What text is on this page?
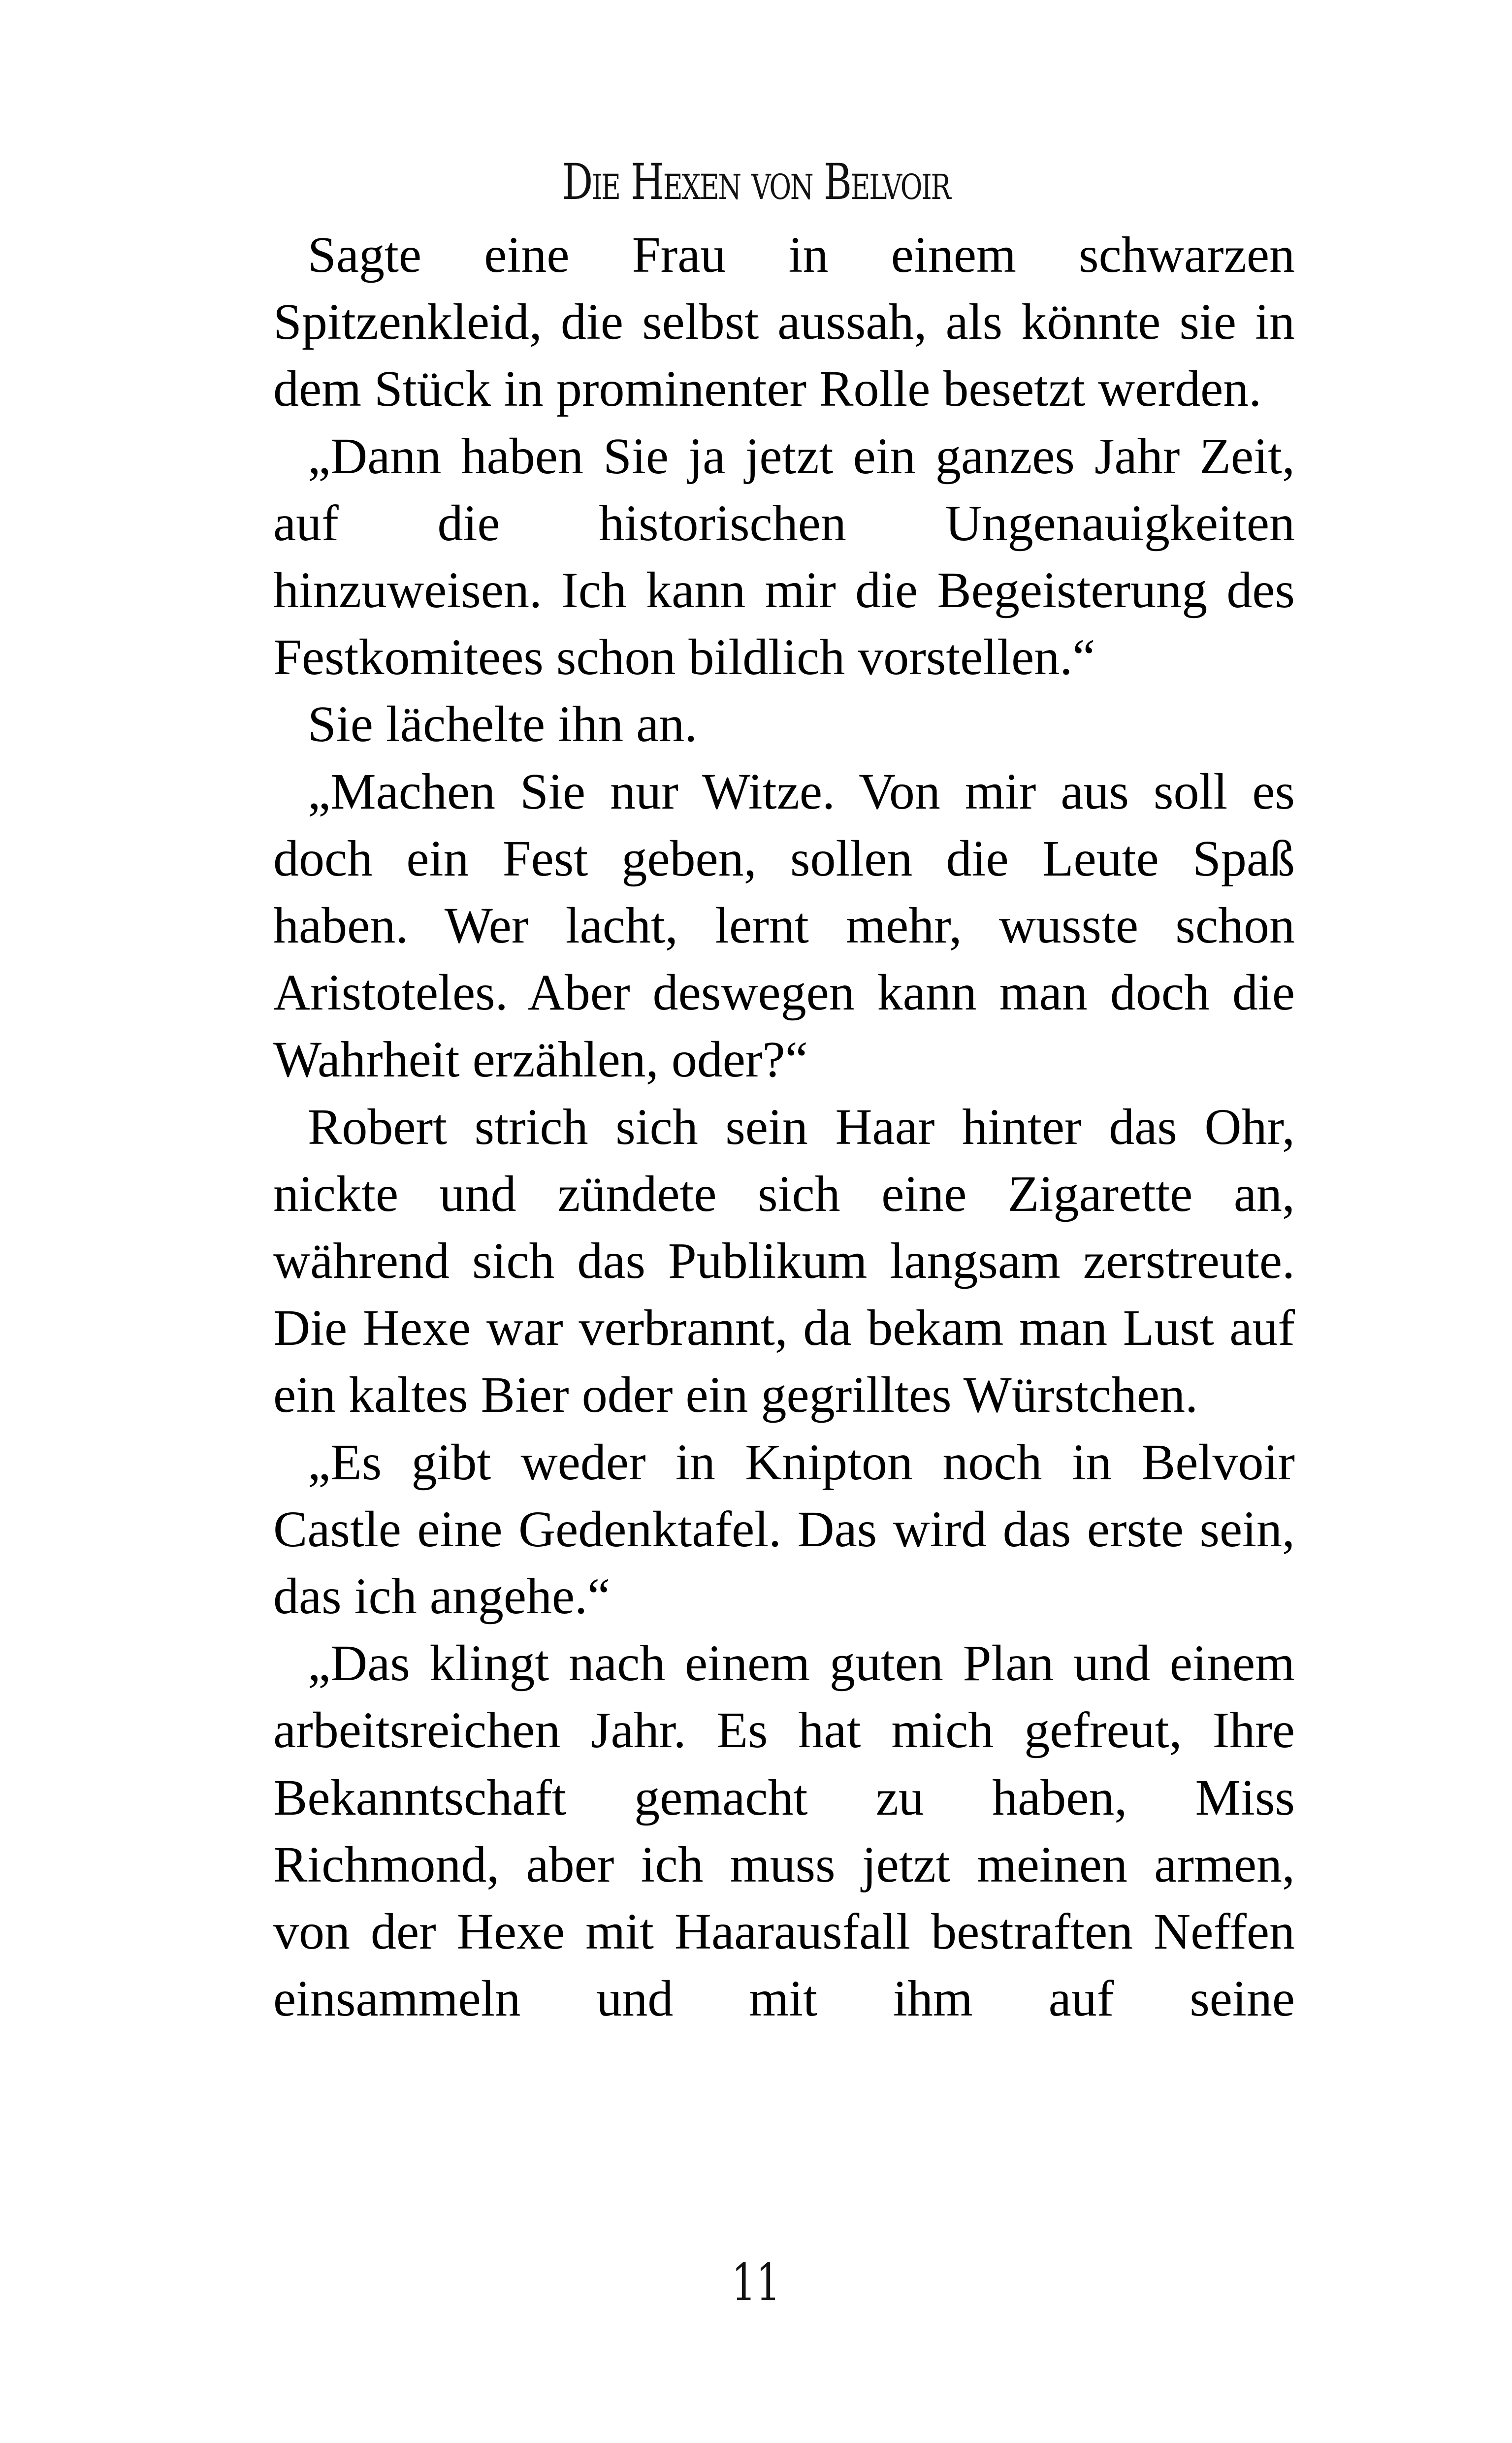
Die Hexen von Belvoir

Sagte eine Frau in einem schwarzen Spitzenkleid, die selbst aussah, als könnte sie in dem Stück in prominenter Rolle besetzt werden.

„Dann haben Sie ja jetzt ein ganzes Jahr Zeit, auf die historischen Ungenauigkeiten hinzuweisen. Ich kann mir die Begeisterung des Festkomitees schon bildlich vorstellen.“

Sie lächelte ihn an.

„Machen Sie nur Witze. Von mir aus soll es doch ein Fest geben, sollen die Leute Spaß haben. Wer lacht, lernt mehr, wusste schon Aristoteles. Aber deswegen kann man doch die Wahrheit erzählen, oder?“

Robert strich sich sein Haar hinter das Ohr, nickte und zündete sich eine Zigarette an, während sich das Publikum langsam zerstreute. Die Hexe war verbrannt, da bekam man Lust auf ein kaltes Bier oder ein gegrilltes Würstchen.

„Es gibt weder in Knipton noch in Belvoir Castle eine Gedenktafel. Das wird das erste sein, das ich angehe.“

„Das klingt nach einem guten Plan und einem arbeitsreichen Jahr. Es hat mich gefreut, Ihre Bekanntschaft gemacht zu haben, Miss Richmond, aber ich muss jetzt meinen armen, von der Hexe mit Haarausfall bestraften Neffen einsammeln und mit ihm auf seine

11
